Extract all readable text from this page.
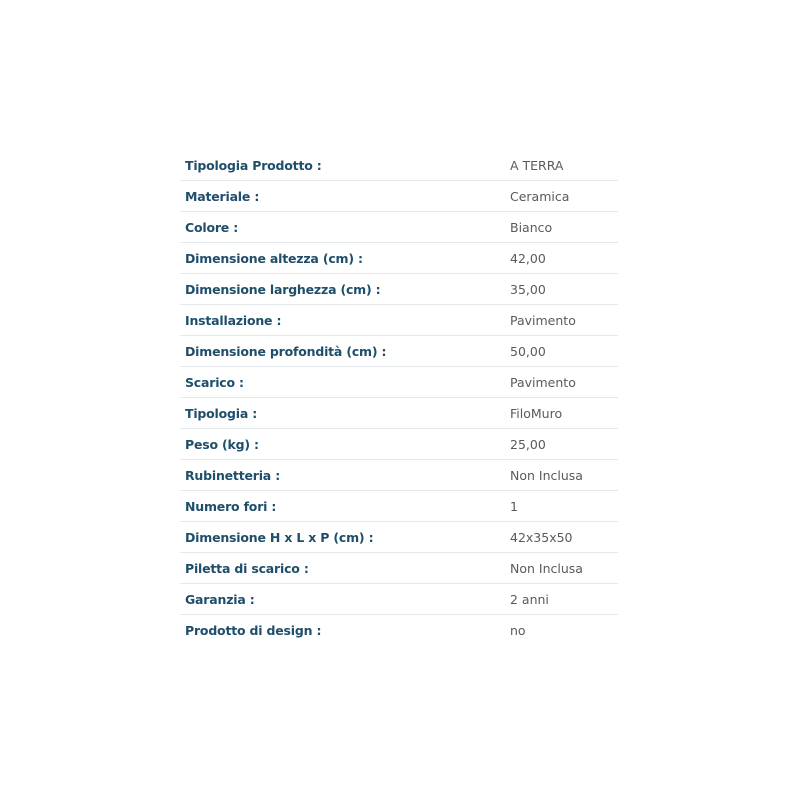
Tipologia Prodotto :	A TERRA
Materiale :	Ceramica
Colore :	Bianco
Dimensione altezza (cm) :	42,00
Dimensione larghezza (cm) :	35,00
Installazione :	Pavimento
Dimensione profondità (cm) :	50,00
Scarico :	Pavimento
Tipologia :	FiloMuro
Peso (kg) :	25,00
Rubinetteria :	Non Inclusa
Numero fori :	1
Dimensione H x L x P (cm) :	42x35x50
Piletta di scarico :	Non Inclusa
Garanzia :	2 anni
Prodotto di design :	no
